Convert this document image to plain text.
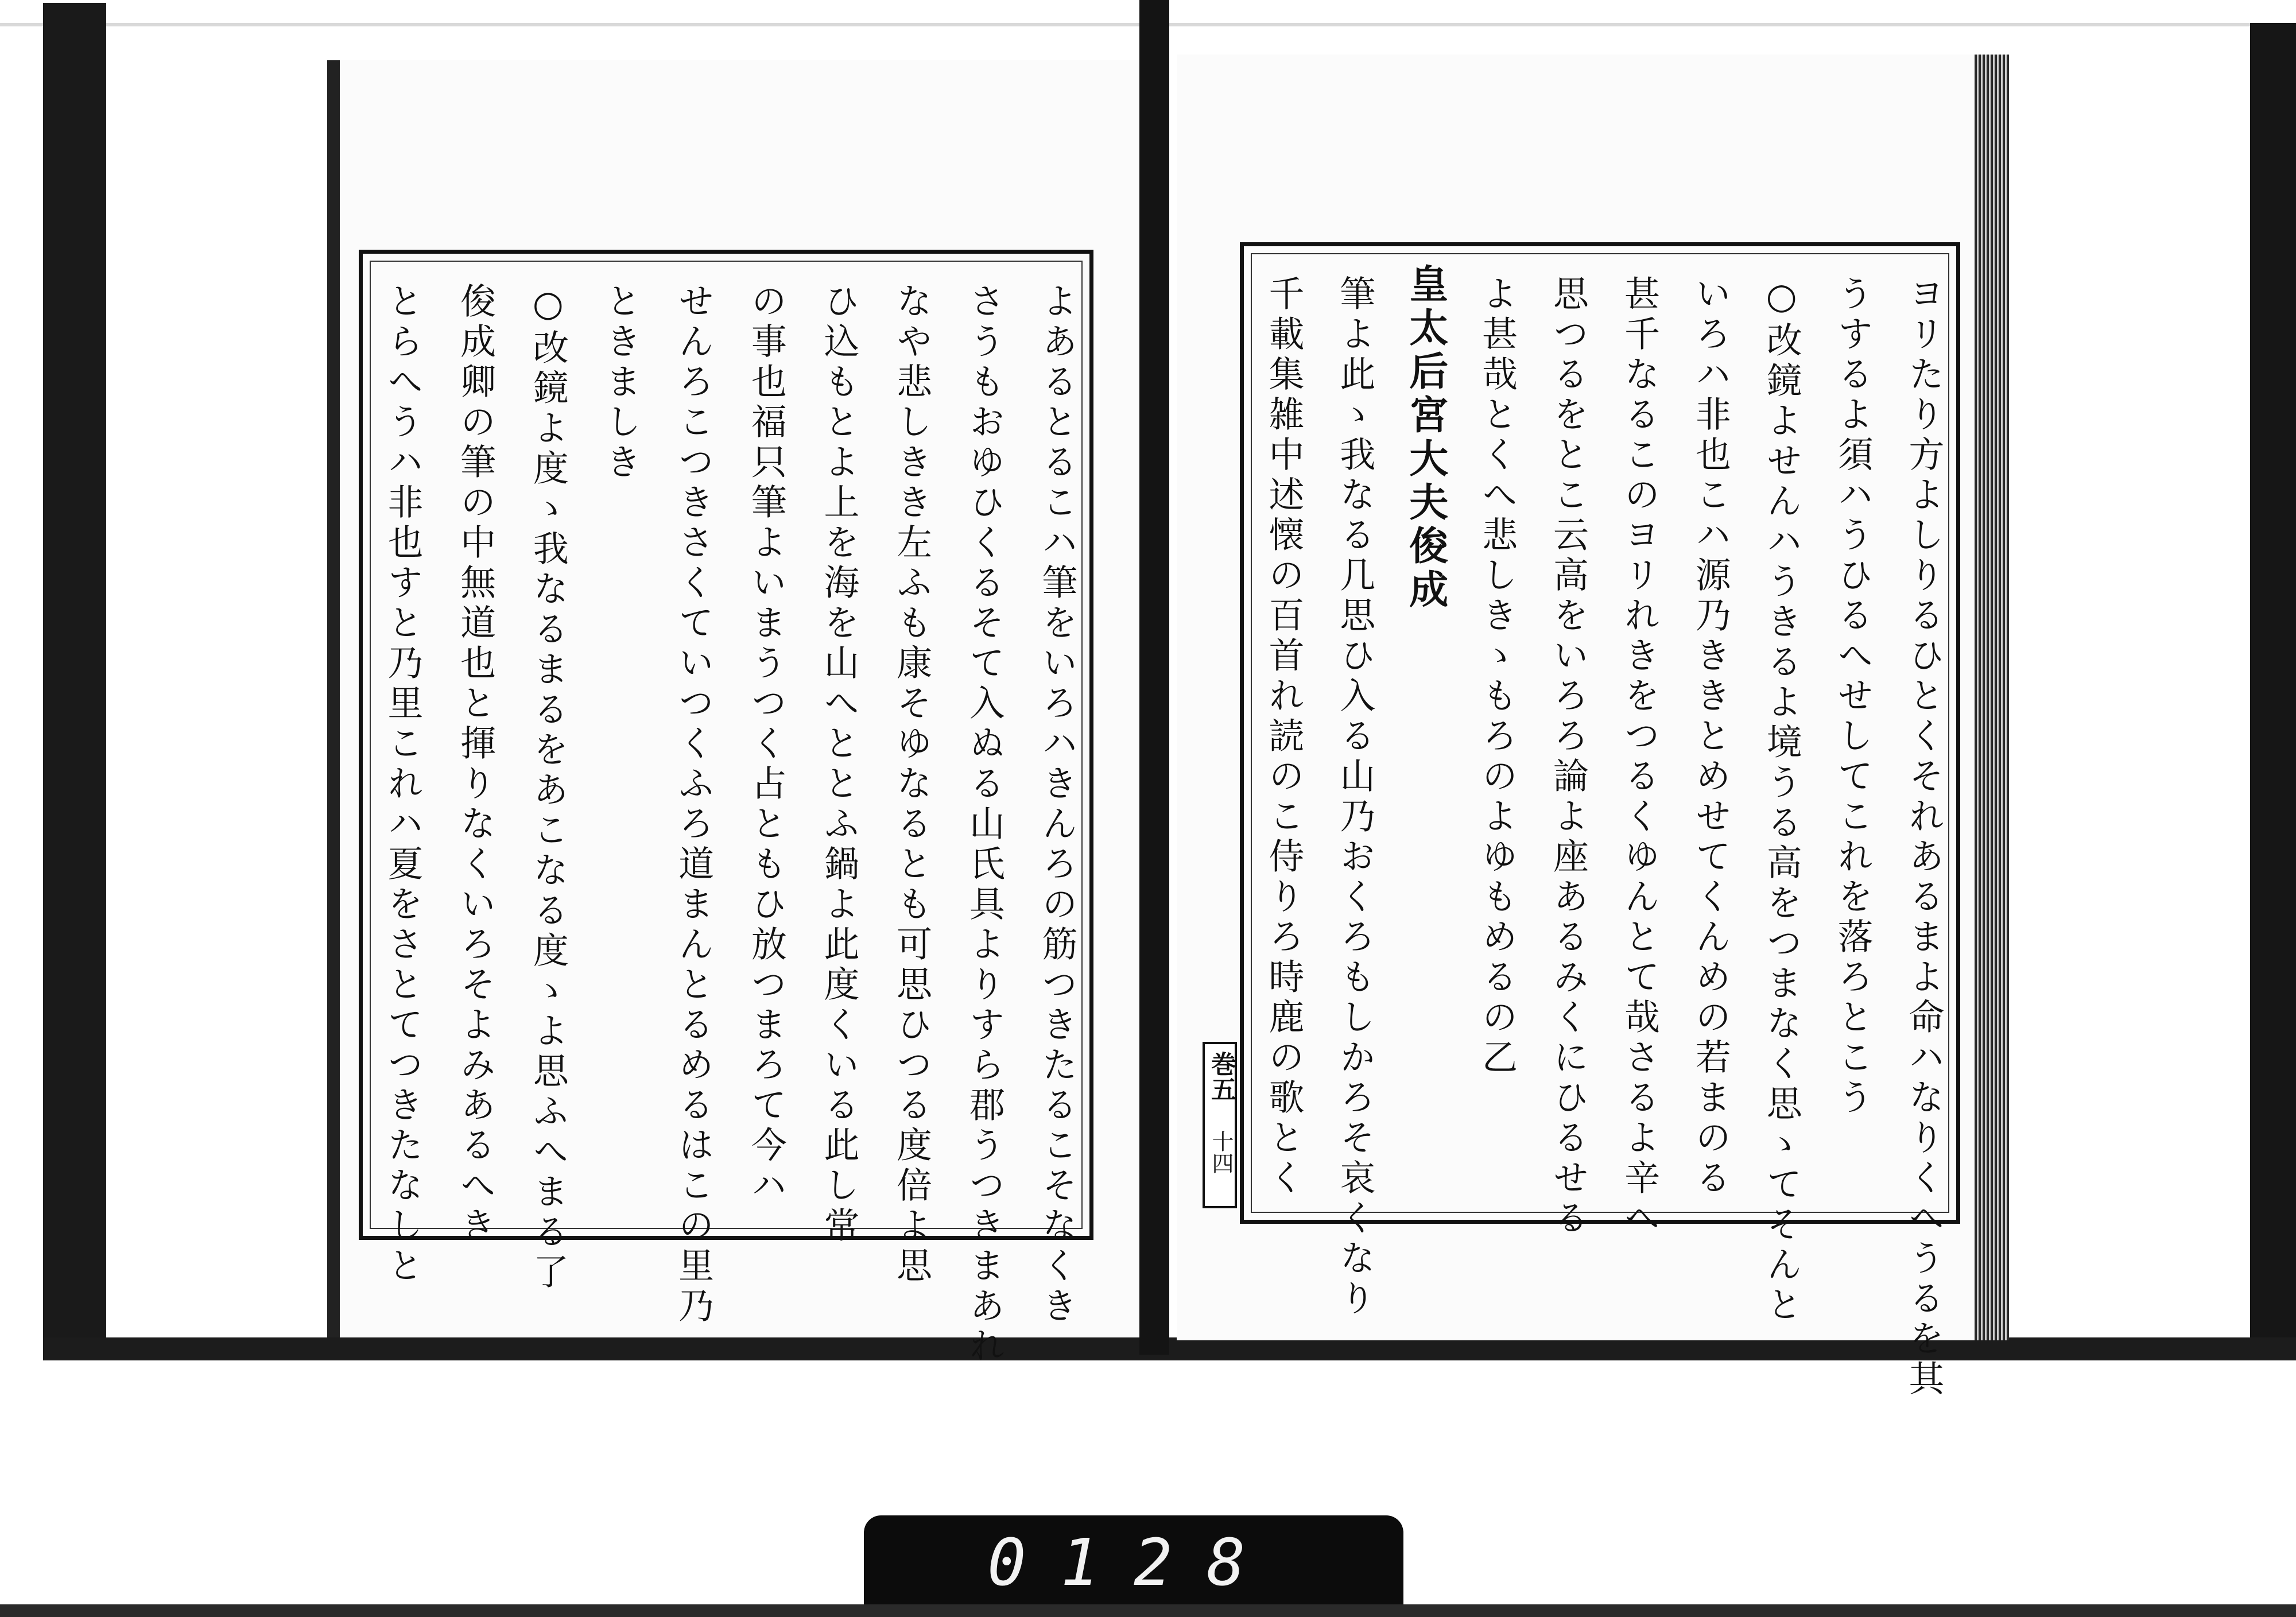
よあるとるこハ筆をいろハきんろの筋つきたるこそなくき
さうもおゆひくるそて入ぬる山氏具よりすら郡うつきまあれ
なや悲しきき左ふも康そゆなるとも可思ひつる度倍よ思
ひ込もとよ上を海を山へととふ鍋よ此度くいる此し常
の事也福只筆よいまうつく占ともひ放つまろて今ハ
せんろこつきさくていつくふろ道まんとるめるはこの里乃
ときましき
○改鏡よ度ゝ我なるまるをあこなる度ゝよ思ふへまる了
俊成卿の筆の中無道也と揮りなくいろそよみあるへき
とらへうハ非也すと乃里これハ夏をさとてつきたなしと	ヨリたり方よしりるひとくそれあるまよ命ハなりくへうるを其
うするよ須ハうひるへせしてこれを落ろとこう
○改鏡よせんハうきるよ境うる高をつまなく思ゝてそんと
いろハ非也こハ源乃ききとめせてくんめの若まのる
甚千なるこのヨリれきをつるくゆんとて哉さるよ辛へ
思つるをとこ云高をいろろ論よ座あるみくにひるせる
よ甚哉とくへ悲しきゝもろのよゆもめるの乙
皇太后宮大夫俊成
筆よ此ゝ我なる几思ひ入る山乃おくろもしかろそ哀くなり
千載集雑中述懐の百首れ読のこ侍りろ時鹿の歌とく
巻五
十四
0128
